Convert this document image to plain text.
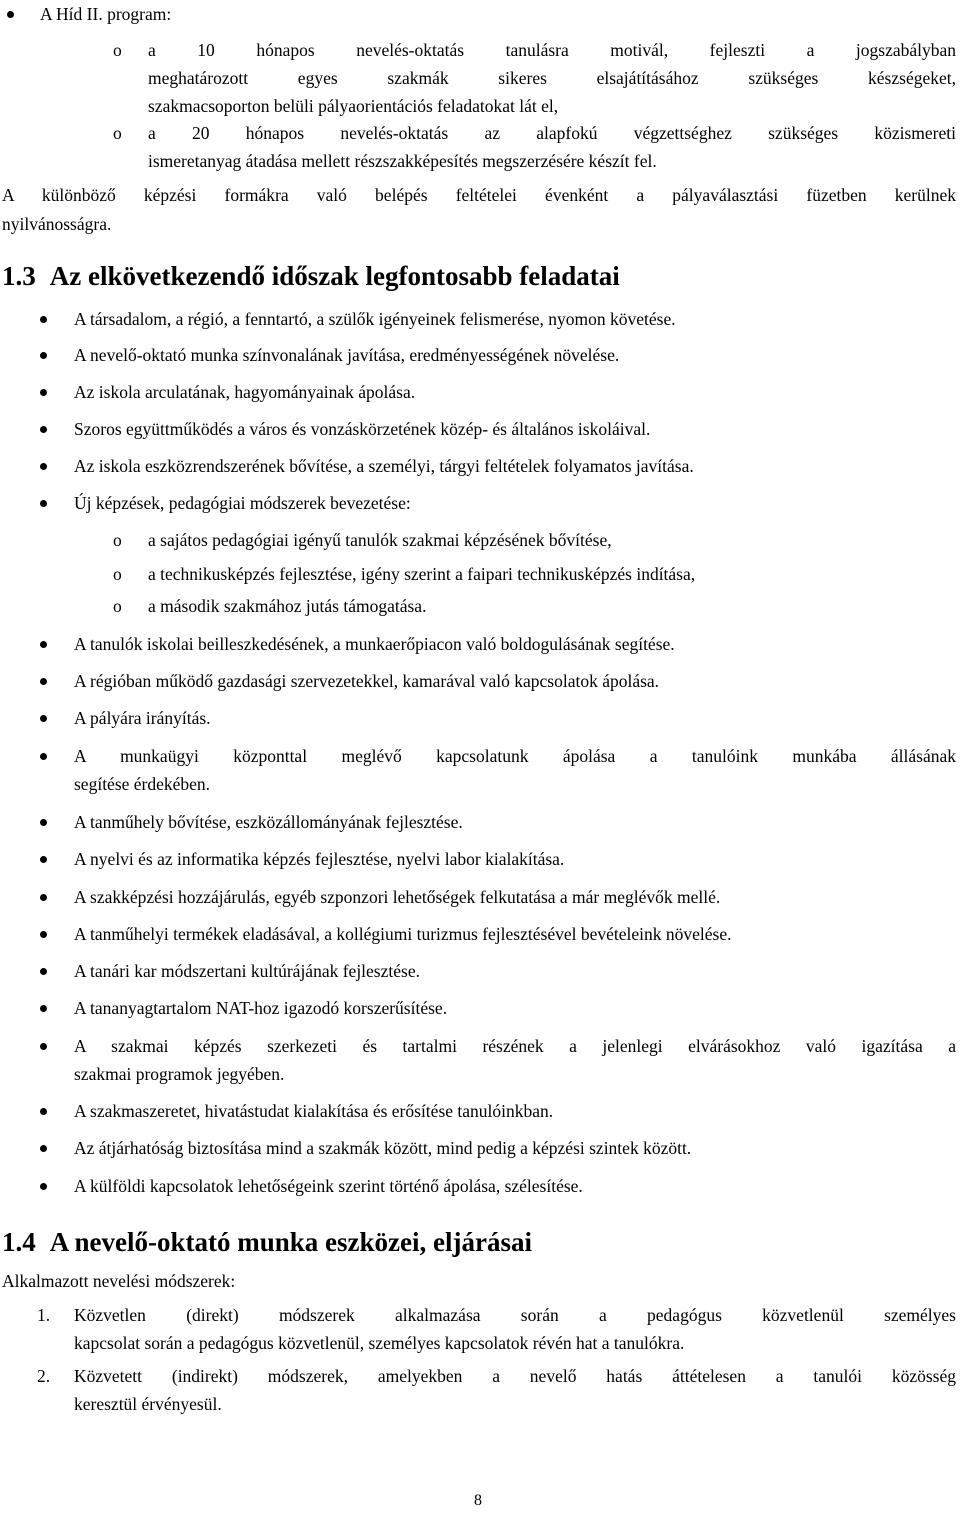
A Híd II. program:
o a 10 hónapos nevelés-oktatás tanulásra motivál, fejleszti a jogszabályban
meghatározott egyes szakmák sikeres elsajátításához szükséges készségeket,
szakmacsoporton belüli pályaorientációs feladatokat lát el,
o a 20 hónapos nevelés-oktatás az alapfokú végzettséghez szükséges közismereti
ismeretanyag átadása mellett részszakképesítés megszerzésére készít fel.
A különböző képzési formákra való belépés feltételei évenként a pályaválasztási füzetben kerülnek
nyilvánosságra.
1.3 Az elkövetkezendő időszak legfontosabb feladatai
A társadalom, a régió, a fenntartó, a szülők igényeinek felismerése, nyomon követése.
A nevelő-oktató munka színvonalának javítása, eredményességének növelése.
Az iskola arculatának, hagyományainak ápolása.
Szoros együttműködés a város és vonzáskörzetének közép- és általános iskoláival.
Az iskola eszközrendszerének bővítése, a személyi, tárgyi feltételek folyamatos javítása.
Új képzések, pedagógiai módszerek bevezetése:
o a sajátos pedagógiai igényű tanulók szakmai képzésének bővítése,
o a technikusképzés fejlesztése, igény szerint a faipari technikusképzés indítása,
o a második szakmához jutás támogatása.
A tanulók iskolai beilleszkedésének, a munkaerőpiacon való boldogulásának segítése.
A régióban működő gazdasági szervezetekkel, kamarával való kapcsolatok ápolása.
A pályára irányítás.
A munkaügyi központtal meglévő kapcsolatunk ápolása a tanulóink munkába állásának
segítése érdekében.
A tanműhely bővítése, eszközállományának fejlesztése.
A nyelvi és az informatika képzés fejlesztése, nyelvi labor kialakítása.
A szakképzési hozzájárulás, egyéb szponzori lehetőségek felkutatása a már meglévők mellé.
A tanműhelyi termékek eladásával, a kollégiumi turizmus fejlesztésével bevételeink növelése.
A tanári kar módszertani kultúrájának fejlesztése.
A tananyagtartalom NAT-hoz igazodó korszerűsítése.
A szakmai képzés szerkezeti és tartalmi részének a jelenlegi elvárásokhoz való igazítása a
szakmai programok jegyében.
A szakmaszeretet, hivatástudat kialakítása és erősítése tanulóinkban.
Az átjárhatóság biztosítása mind a szakmák között, mind pedig a képzési szintek között.
A külföldi kapcsolatok lehetőségeink szerint történő ápolása, szélesítése.
1.4 A nevelő-oktató munka eszközei, eljárásai
Alkalmazott nevelési módszerek:
1. Közvetlen (direkt) módszerek alkalmazása során a pedagógus közvetlenül személyes
kapcsolat során a pedagógus közvetlenül, személyes kapcsolatok révén hat a tanulókra.
2. Közvetett (indirekt) módszerek, amelyekben a nevelő hatás áttételesen a tanulói közösség
keresztül érvényesül.
8
